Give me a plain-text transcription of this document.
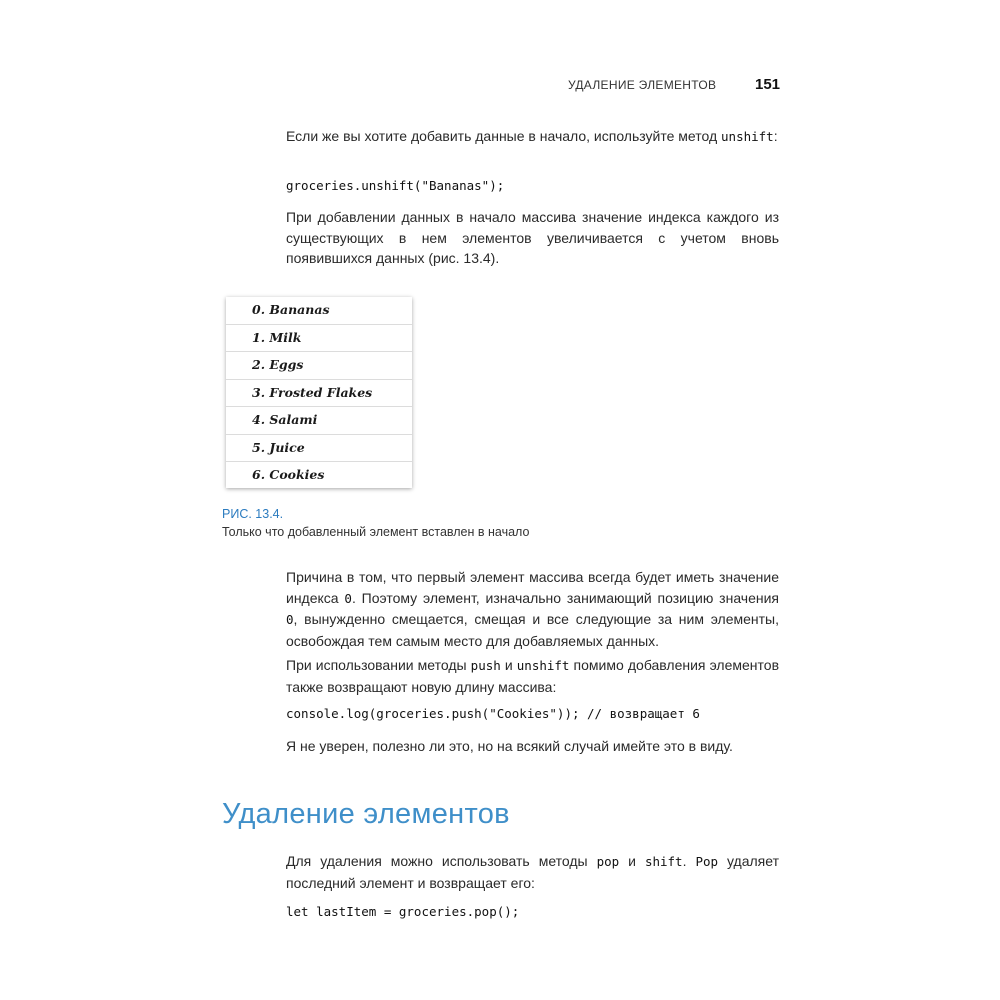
УДАЛЕНИЕ ЭЛЕМЕНТОВ	151

Если же вы хотите добавить данные в начало, используйте метод unshift:

groceries.unshift("Bananas");

При добавлении данных в начало массива значение индекса каждого из существующих в нем элементов увеличивается с учетом вновь появившихся данных (рис. 13.4).

0. Bananas
1. Milk
2. Eggs
3. Frosted Flakes
4. Salami
5. Juice
6. Cookies
РИС. 13.4.
Только что добавленный элемент вставлен в начало

Причина в том, что первый элемент массива всегда будет иметь значение индекса 0. Поэтому элемент, изначально занимающий позицию значения 0, вынужденно смещается, смещая и все следующие за ним элементы, освобождая тем самым место для добавляемых данных.

При использовании методы push и unshift помимо добавления элементов также возвращают новую длину массива:

console.log(groceries.push("Cookies")); // возвращает 6

Я не уверен, полезно ли это, но на всякий случай имейте это в виду.

Удаление элементов

Для удаления можно использовать методы pop и shift. Pop удаляет последний элемент и возвращает его:

let lastItem = groceries.pop();
